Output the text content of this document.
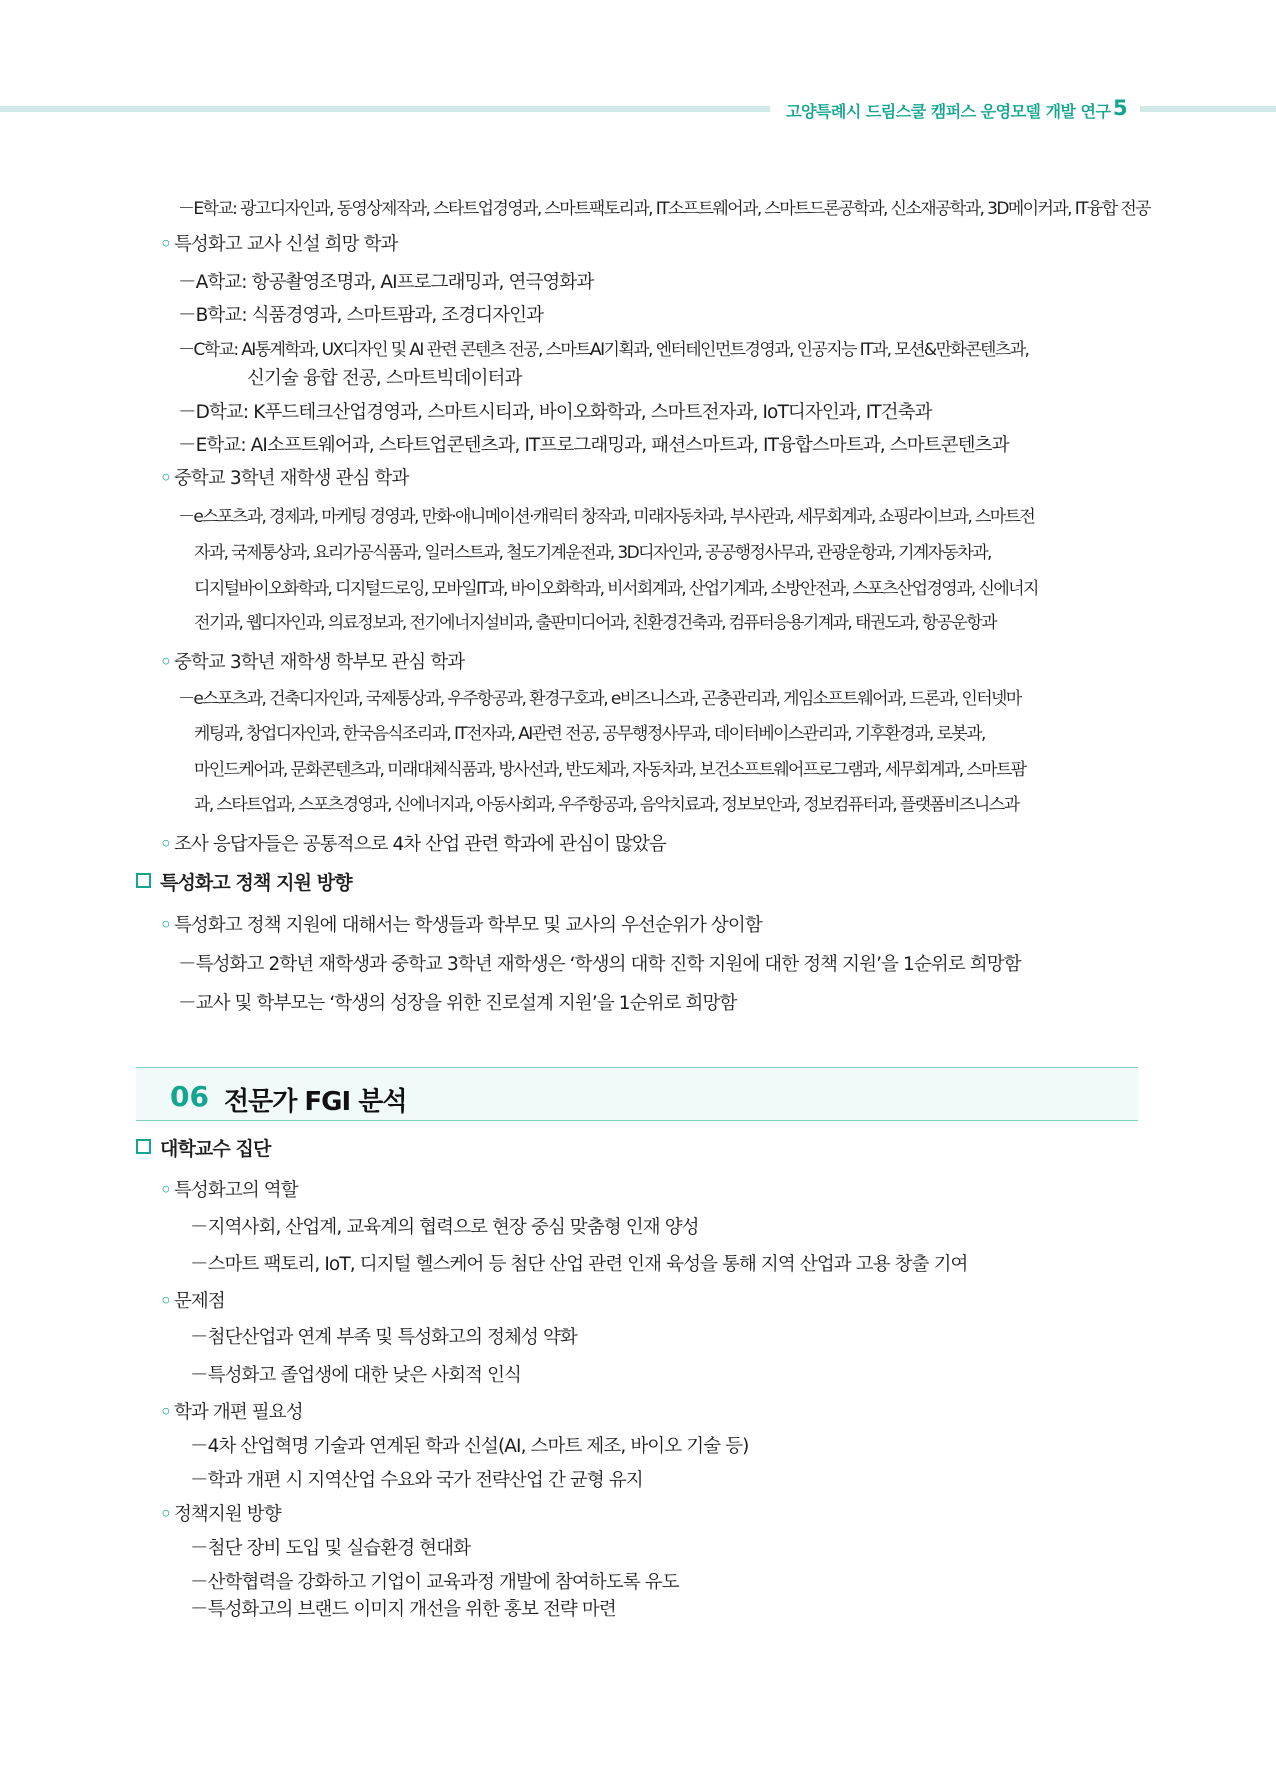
고양특례시 드림스쿨 캠퍼스 운영모델 개발 연구 5
－E학교: 광고디자인과, 동영상제작과, 스타트업경영과, 스마트팩토리과, IT소프트웨어과, 스마트드론공학과, 신소재공학과, 3D메이커과, IT융합 전공
◦ 특성화고 교사 신설 희망 학과
－A학교: 항공촬영조명과, AI프로그래밍과, 연극영화과
－B학교: 식품경영과, 스마트팜과, 조경디자인과
－C학교: AI통계학과, UX디자인 및 AI 관련 콘텐츠 전공, 스마트AI기획과, 엔터테인먼트경영과, 인공지능 IT과, 모션&만화콘텐츠과,
신기술 융합 전공, 스마트빅데이터과
－D학교: K푸드테크산업경영과, 스마트시티과, 바이오화학과, 스마트전자과, IoT디자인과, IT건축과
－E학교: AI소프트웨어과, 스타트업콘텐츠과, IT프로그래밍과, 패션스마트과, IT융합스마트과, 스마트콘텐츠과
◦ 중학교 3학년 재학생 관심 학과
－e스포츠과, 경제과, 마케팅 경영과, 만화·애니메이션·캐릭터 창작과, 미래자동차과, 부사관과, 세무회계과, 쇼핑라이브과, 스마트전
자과, 국제통상과, 요리가공식품과, 일러스트과, 철도기계운전과, 3D디자인과, 공공행정사무과, 관광운항과, 기계자동차과,
디지털바이오화학과, 디지털드로잉, 모바일IT과, 바이오화학과, 비서회계과, 산업기계과, 소방안전과, 스포츠산업경영과, 신에너지
전기과, 웹디자인과, 의료정보과, 전기에너지설비과, 출판미디어과, 친환경건축과, 컴퓨터응용기계과, 태권도과, 항공운항과
◦ 중학교 3학년 재학생 학부모 관심 학과
－e스포츠과, 건축디자인과, 국제통상과, 우주항공과, 환경구호과, e비즈니스과, 곤충관리과, 게임소프트웨어과, 드론과, 인터넷마
케팅과, 창업디자인과, 한국음식조리과, IT전자과, AI관련 전공, 공무행정사무과, 데이터베이스관리과, 기후환경과, 로봇과,
마인드케어과, 문화콘텐츠과, 미래대체식품과, 방사선과, 반도체과, 자동차과, 보건소프트웨어프로그램과, 세무회계과, 스마트팜
과, 스타트업과, 스포츠경영과, 신에너지과, 아동사회과, 우주항공과, 음악치료과, 정보보안과, 정보컴퓨터과, 플랫폼비즈니스과
◦ 조사 응답자들은 공통적으로 4차 산업 관련 학과에 관심이 많았음
특성화고 정책 지원 방향
◦ 특성화고 정책 지원에 대해서는 학생들과 학부모 및 교사의 우선순위가 상이함
－특성화고 2학년 재학생과 중학교 3학년 재학생은 ‘학생의 대학 진학 지원에 대한 정책 지원’을 1순위로 희망함
－교사 및 학부모는 ‘학생의 성장을 위한 진로설계 지원’을 1순위로 희망함
06 전문가 FGI 분석
대학교수 집단
◦ 특성화고의 역할
－지역사회, 산업계, 교육계의 협력으로 현장 중심 맞춤형 인재 양성
－스마트 팩토리, IoT, 디지털 헬스케어 등 첨단 산업 관련 인재 육성을 통해 지역 산업과 고용 창출 기여
◦ 문제점
－첨단산업과 연계 부족 및 특성화고의 정체성 약화
－특성화고 졸업생에 대한 낮은 사회적 인식
◦ 학과 개편 필요성
－4차 산업혁명 기술과 연계된 학과 신설(AI, 스마트 제조, 바이오 기술 등)
－학과 개편 시 지역산업 수요와 국가 전략산업 간 균형 유지
◦ 정책지원 방향
－첨단 장비 도입 및 실습환경 현대화
－산학협력을 강화하고 기업이 교육과정 개발에 참여하도록 유도
－특성화고의 브랜드 이미지 개선을 위한 홍보 전략 마련
